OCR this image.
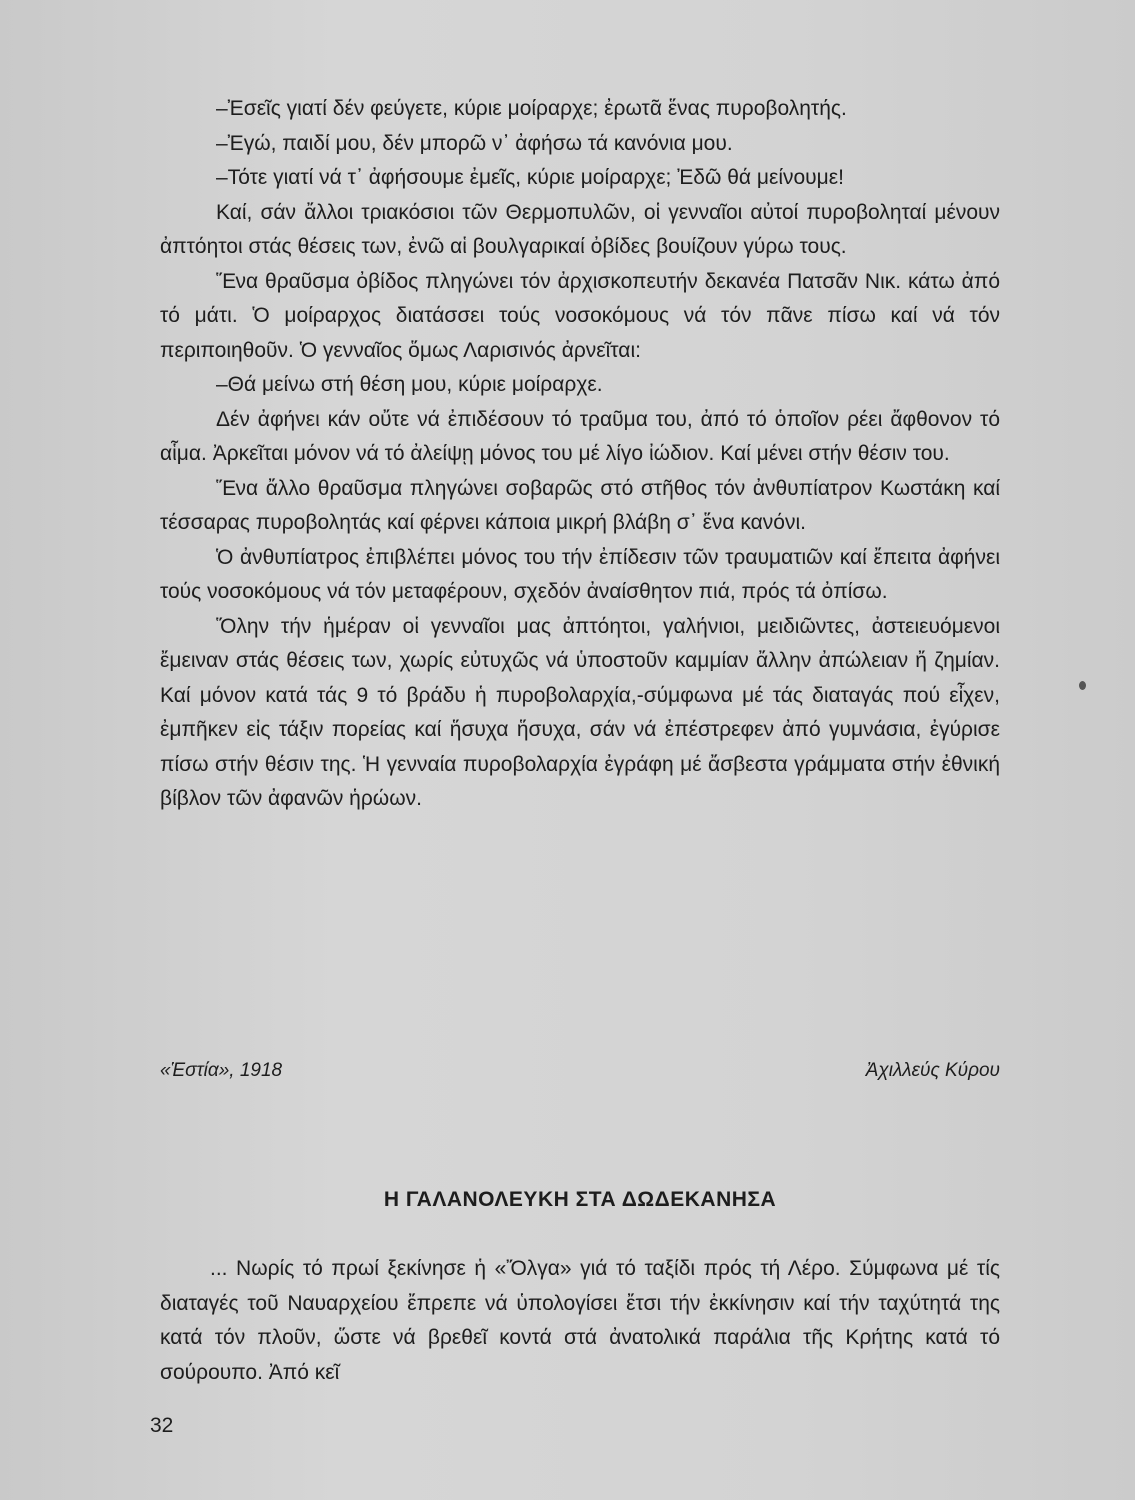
–Ἐσεῖς γιατί δέν φεύγετε, κύριε μοίραρχε; ἐρωτᾶ ἕνας πυροβολητής.

–Ἐγώ, παιδί μου, δέν μπορῶ ν᾽ ἀφήσω τά κανόνια μου.

–Τότε γιατί νά τ᾽ ἀφήσουμε ἐμεῖς, κύριε μοίραρχε; Ἐδῶ θά μείνουμε!

Καί, σάν ἄλλοι τριακόσιοι τῶν Θερμοπυλῶν, οἱ γενναῖοι αὐτοί πυροβοληταί μένουν ἀπτόητοι στάς θέσεις των, ἐνῶ αἱ βουλγαρικαί ὀβίδες βουίζουν γύρω τους.

Ἕνα θραῦσμα ὀβίδος πληγώνει τόν ἀρχισκοπευτήν δεκανέα Πατσᾶν Νικ. κάτω ἀπό τό μάτι. Ὁ μοίραρχος διατάσσει τούς νοσοκόμους νά τόν πᾶνε πίσω καί νά τόν περιποιηθοῦν. Ὁ γενναῖος ὅμως Λαρισινός ἀρνεῖται:

–Θά μείνω στή θέση μου, κύριε μοίραρχε.

Δέν ἀφήνει κάν οὔτε νά ἐπιδέσουν τό τραῦμα του, ἀπό τό ὁποῖον ρέει ἄφθονον τό αἷμα. Ἀρκεῖται μόνον νά τό ἀλείψῃ μόνος του μέ λίγο ἰώδιον. Καί μένει στήν θέσιν του.

Ἕνα ἄλλο θραῦσμα πληγώνει σοβαρῶς στό στῆθος τόν ἀνθυπίατρον Κωστάκη καί τέσσαρας πυροβολητάς καί φέρνει κάποια μικρή βλάβη σ᾽ ἕνα κανόνι.

Ὁ ἀνθυπίατρος ἐπιβλέπει μόνος του τήν ἐπίδεσιν τῶν τραυματιῶν καί ἔπειτα ἀφήνει τούς νοσοκόμους νά τόν μεταφέρουν, σχεδόν ἀναίσθητον πιά, πρός τά ὀπίσω.

Ὅλην τήν ἡμέραν οἱ γενναῖοι μας ἀπτόητοι, γαλήνιοι, μειδιῶντες, ἀστειευόμενοι ἔμειναν στάς θέσεις των, χωρίς εὐτυχῶς νά ὑποστοῦν καμμίαν ἄλλην ἀπώλειαν ἤ ζημίαν. Καί μόνον κατά τάς 9 τό βράδυ ἡ πυροβολαρχία,-σύμφωνα μέ τάς διαταγάς πού εἶχεν, ἐμπῆκεν εἰς τάξιν πορείας καί ἥσυχα ἥσυχα, σάν νά ἐπέστρεφεν ἀπό γυμνάσια, ἐγύρισε πίσω στήν θέσιν της. Ἡ γενναία πυροβολαρχία ἐγράφη μέ ἄσβεστα γράμματα στήν ἐθνική βίβλον τῶν ἀφανῶν ἡρώων.

«Ἑστία», 1918	Ἀχιλλεύς Κύρου
Η ΓΑΛΑΝΟΛΕΥΚΗ ΣΤΑ ΔΩΔΕΚΑΝΗΣΑ

... Νωρίς τό πρωί ξεκίνησε ἡ «Ὄλγα» γιά τό ταξίδι πρός τή Λέρο. Σύμφωνα μέ τίς διαταγές τοῦ Ναυαρχείου ἔπρεπε νά ὑπολογίσει ἔτσι τήν ἐκκίνησιν καί τήν ταχύτητά της κατά τόν πλοῦν, ὥστε νά βρεθεῖ κοντά στά ἀνατολικά παράλια τῆς Κρήτης κατά τό σούρουπο. Ἀπό κεῖ

32
